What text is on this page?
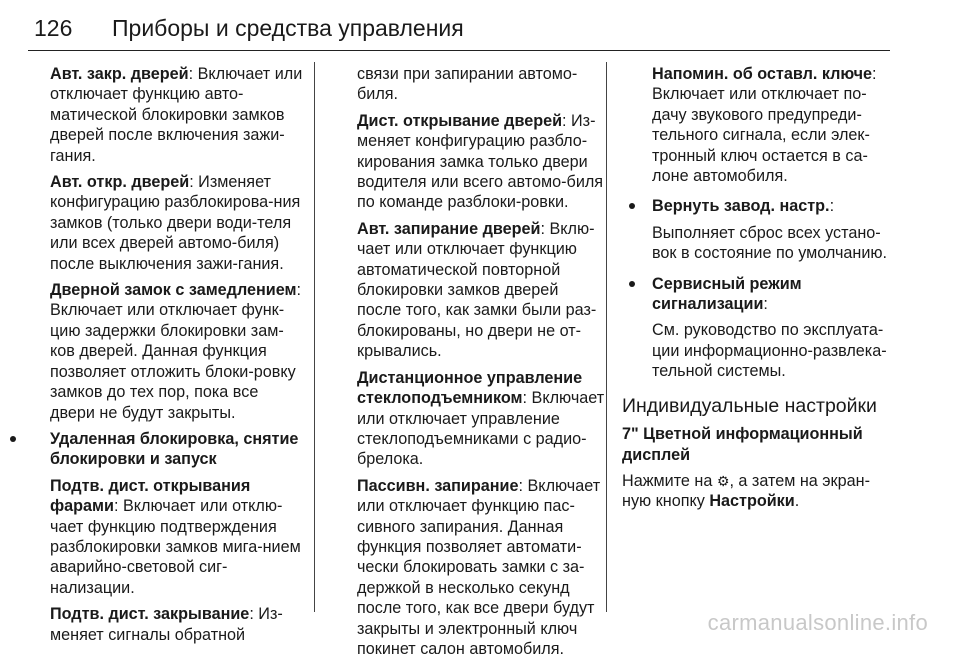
126 Приборы и средства управления

Авт. закр. дверей: Включает или отключает функцию авто-матической блокировки замков дверей после включения зажи-гания.

Авт. откр. дверей: Изменяет конфигурацию разблокирова-ния замков (только двери води-теля или всех дверей автомо-биля) после выключения зажи-гания.

Дверной замок с замедлением: Включает или отключает функ-цию задержки блокировки зам-ков дверей. Данная функция позволяет отложить блоки-ровку замков до тех пор, пока все двери не будут закрыты.

Удаленная блокировка, снятие блокировки и запуск

Подтв. дист. открывания фарами: Включает или отклю-чает функцию подтверждения разблокировки замков мига-нием аварийно-световой сиг-нализации.

Подтв. дист. закрывание: Из-меняет сигналы обратной

связи при запирании автомо-биля.

Дист. открывание дверей: Из-меняет конфигурацию разбло-кирования замка только двери водителя или всего автомо-биля по команде разблоки-ровки.

Авт. запирание дверей: Вклю-чает или отключает функцию автоматической повторной блокировки замков дверей после того, как замки были раз-блокированы, но двери не от-крывались.

Дистанционное управление стеклоподъемником: Включает или отключает управление стеклоподъемниками с радио-брелока.

Пассивн. запирание: Включает или отключает функцию пас-сивного запирания. Данная функция позволяет автомати-чески блокировать замки с за-держкой в несколько секунд после того, как все двери будут закрыты и электронный ключ покинет салон автомобиля.

Напомин. об оставл. ключе: Включает или отключает по-дачу звукового предупреди-тельного сигнала, если элек-тронный ключ остается в са-лоне автомобиля.

Вернуть завод. настр.:

Выполняет сброс всех устано-вок в состояние по умолчанию.

Сервисный режим сигнализации:

См. руководство по эксплуата-ции информационно-развлека-тельной системы.

Индивидуальные настройки
7" Цветной информационный дисплей

Нажмите на ⚙, а затем на экран-ную кнопку Настройки.

carmanualsonline.info
